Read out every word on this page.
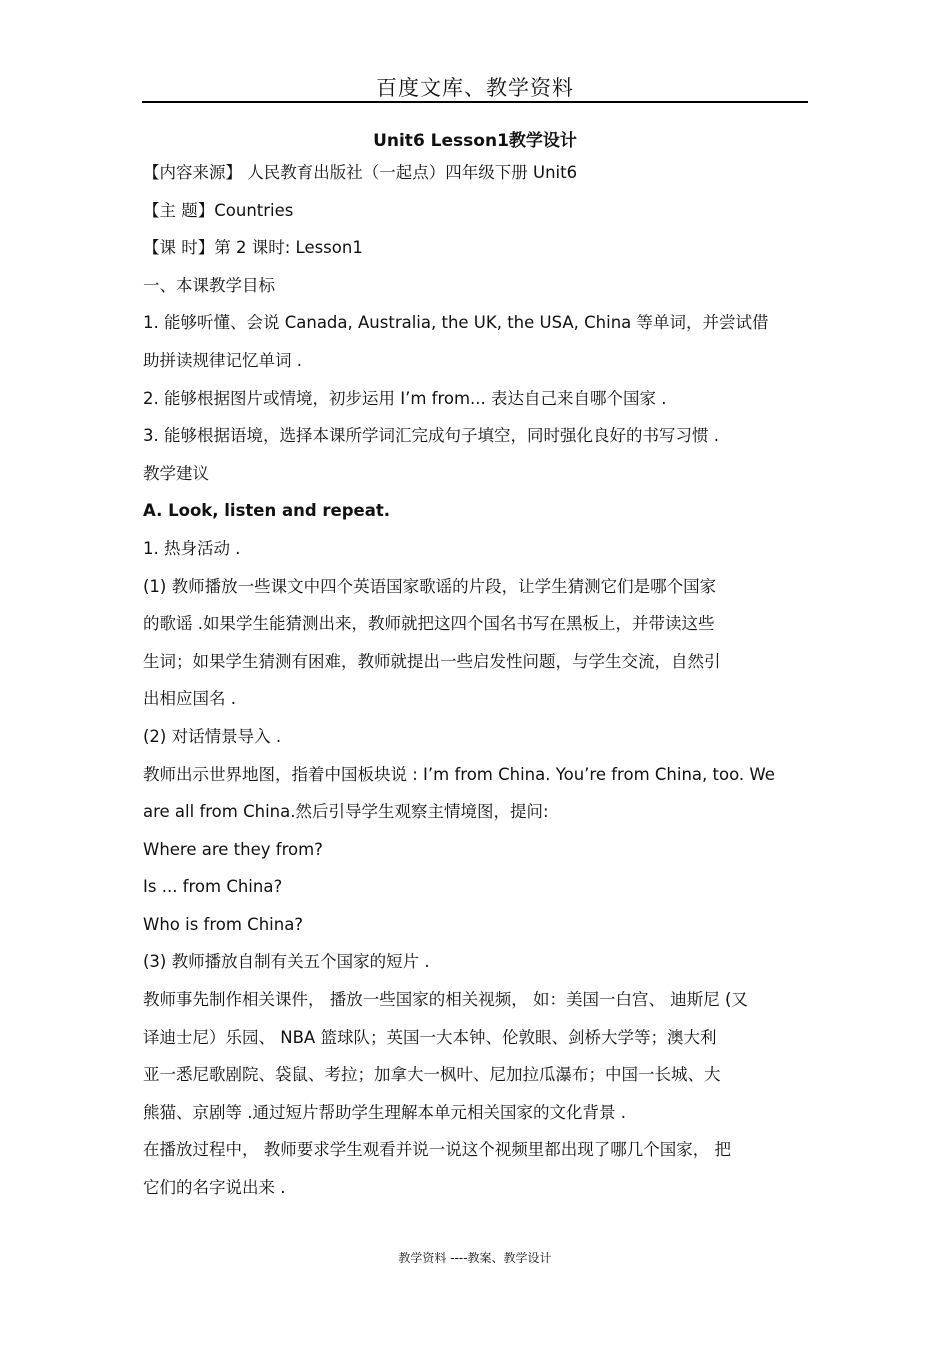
百度文库、教学资料
Unit6 Lesson1教学设计
【内容来源】 人民教育出版社（一起点）四年级下册 Unit6
【主 题】Countries
【课 时】第 2 课时: Lesson1
一、本课教学目标
1. 能够听懂、会说 Canada, Australia, the UK, the USA, China 等单词，并尝试借
助拼读规律记忆单词 .
2. 能够根据图片或情境，初步运用 I’m from... 表达自己来自哪个国家 .
3. 能够根据语境，选择本课所学词汇完成句子填空，同时强化良好的书写习惯 .
教学建议
A. Look, listen and repeat.
1. 热身活动 .
(1) 教师播放一些课文中四个英语国家歌谣的片段，让学生猜测它们是哪个国家
的歌谣 .如果学生能猜测出来，教师就把这四个国名书写在黑板上，并带读这些
生词；如果学生猜测有困难，教师就提出一些启发性问题，与学生交流，自然引
出相应国名 .
(2) 对话情景导入 .
教师出示世界地图，指着中国板块说 : I’m from China. You’re from China, too. We
are all from China.然后引导学生观察主情境图，提问:
Where are they from?
Is ... from China?
Who is from China?
(3) 教师播放自制有关五个国家的短片 .
教师事先制作相关课件， 播放一些国家的相关视频， 如：美国一白宫、 迪斯尼 (又
译迪士尼）乐园、 NBA 篮球队；英国一大本钟、伦敦眼、剑桥大学等；澳大利
亚一悉尼歌剧院、袋鼠、考拉；加拿大一枫叶、尼加拉瓜瀑布；中国一长城、大
熊猫、京剧等 .通过短片帮助学生理解本单元相关国家的文化背景 .
在播放过程中， 教师要求学生观看并说一说这个视频里都出现了哪几个国家， 把
它们的名字说出来 .
教学资料 ----教案、教学设计
